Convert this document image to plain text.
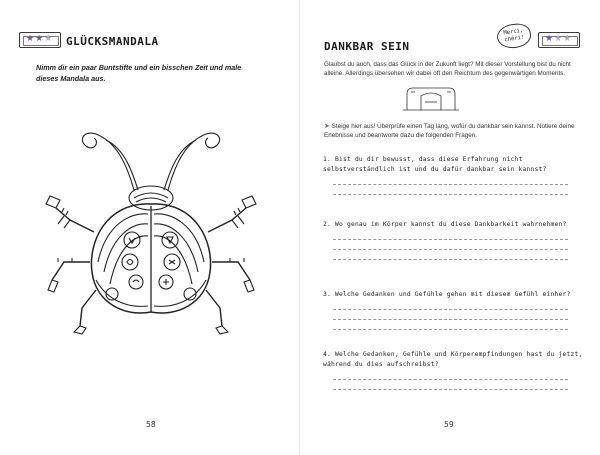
★★★ GLÜCKSMANDALA
Nimm dir ein paar Buntstifte und ein bisschen Zeit und male dieses Mandala aus.
58
DANKBAR SEIN
Merci, chéri!	★★★
Glaubst du auch, dass das Glück in der Zukunft liegt? Mit dieser Vorstellung bist du nicht alleine. Allerdings übersehen wir dabei oft den Reichtum des gegenwärtigen Moments.
➤ Steige hier aus! Überprüfe einen Tag lang, wofür du dankbar sein kannst. Notiere deine Erlebnisse und beantworte dazu die folgenden Fragen.
1. Bist du dir bewusst, dass diese Erfahrung nicht selbstverständlich ist und du dafür dankbar sein kannst?
2. Wo genau im Körper kannst du diese Dankbarkeit wahrnehmen?
3. Welche Gedanken und Gefühle gehen mit diesem Gefühl einher?
4. Welche Gedanken, Gefühle und Körperempfindungen hast du jetzt, während du dies aufschreibst?
59
